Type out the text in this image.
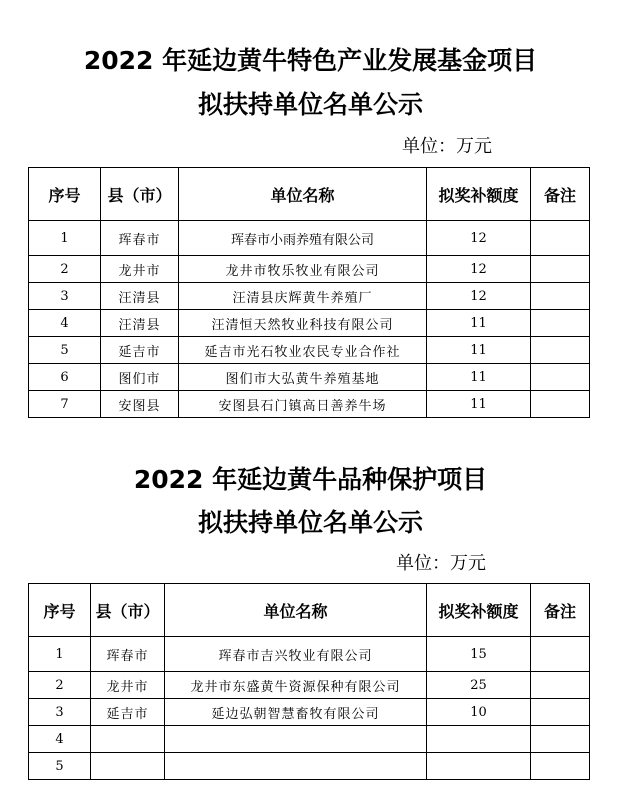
2022 年延边黄牛特色产业发展基金项目
拟扶持单位名单公示
单位：万元
序号	县（市）	单位名称	拟奖补额度	备注
1	珲春市	珲春市小雨养殖有限公司	12	
2	龙井市	龙井市牧乐牧业有限公司	12	
3	汪清县	汪清县庆辉黄牛养殖厂	12	
4	汪清县	汪清恒天然牧业科技有限公司	11	
5	延吉市	延吉市光石牧业农民专业合作社	11	
6	图们市	图们市大弘黄牛养殖基地	11	
7	安图县	安图县石门镇高日善养牛场	11	
2022 年延边黄牛品种保护项目
拟扶持单位名单公示
单位：万元
序号	县（市）	单位名称	拟奖补额度	备注
1	珲春市	珲春市吉兴牧业有限公司	15	
2	龙井市	龙井市东盛黄牛资源保种有限公司	25	
3	延吉市	延边弘朝智慧畜牧有限公司	10	
4				
5				
